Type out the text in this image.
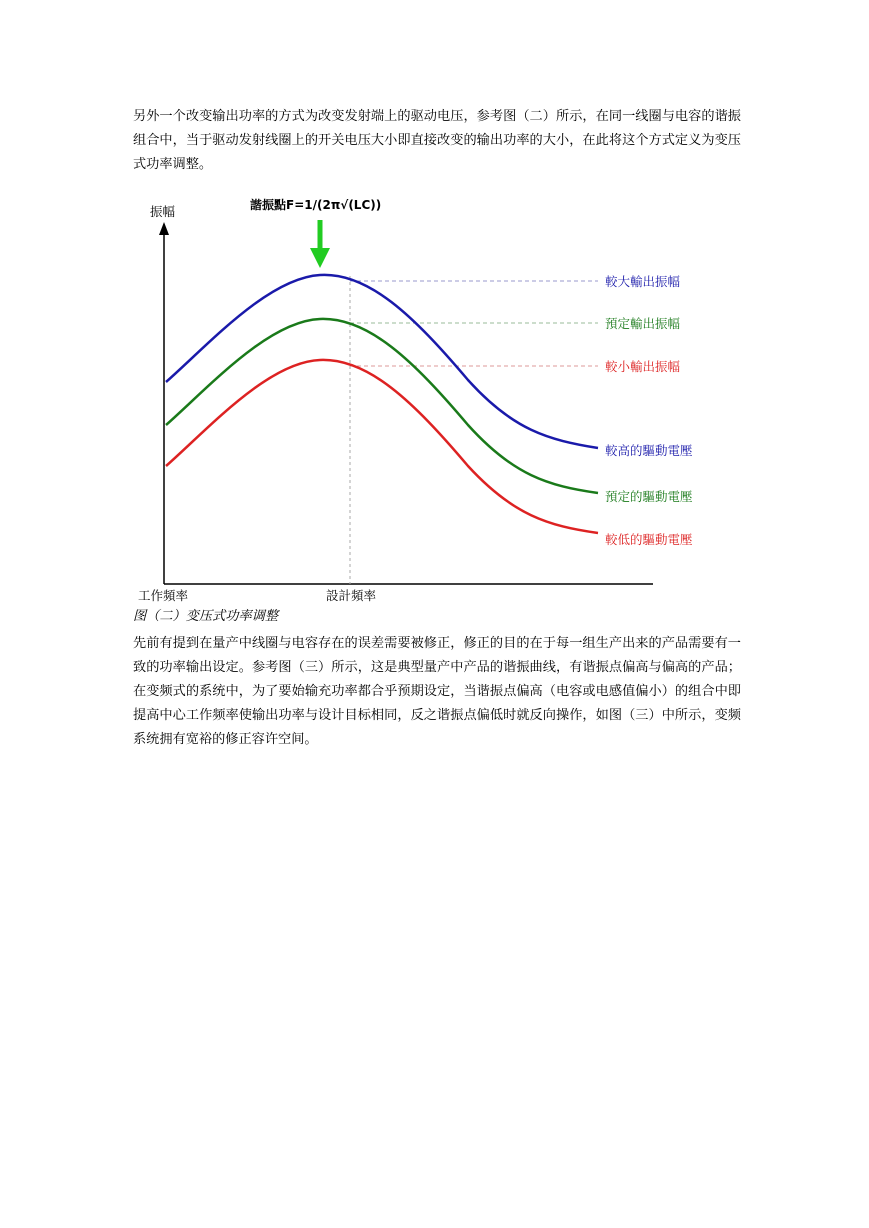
另外一个改变输出功率的方式为改变发射端上的驱动电压，参考图（二）所示，在同一线圈与电容的谐振组合中，当于驱动发射线圈上的开关电压大小即直接改变的输出功率的大小，在此将这个方式定义为变压式功率调整。

振幅	諧振點F=1/(2π√(LC))
較大輸出振幅
預定輸出振幅
較小輸出振幅
較高的驅動電壓
預定的驅動電壓
較低的驅動電壓
工作頻率	設計頻率

图（二）变压式功率调整

先前有提到在量产中线圈与电容存在的误差需要被修正，修正的目的在于每一组生产出来的产品需要有一致的功率输出设定。参考图（三）所示，这是典型量产中产品的谐振曲线，有谐振点偏高与偏高的产品；在变频式的系统中，为了要始输充功率都合乎预期设定，当谐振点偏高（电容或电感值偏小）的组合中即提高中心工作频率使输出功率与设计目标相同，反之谐振点偏低时就反向操作，如图（三）中所示，变频系统拥有宽裕的修正容许空间。
